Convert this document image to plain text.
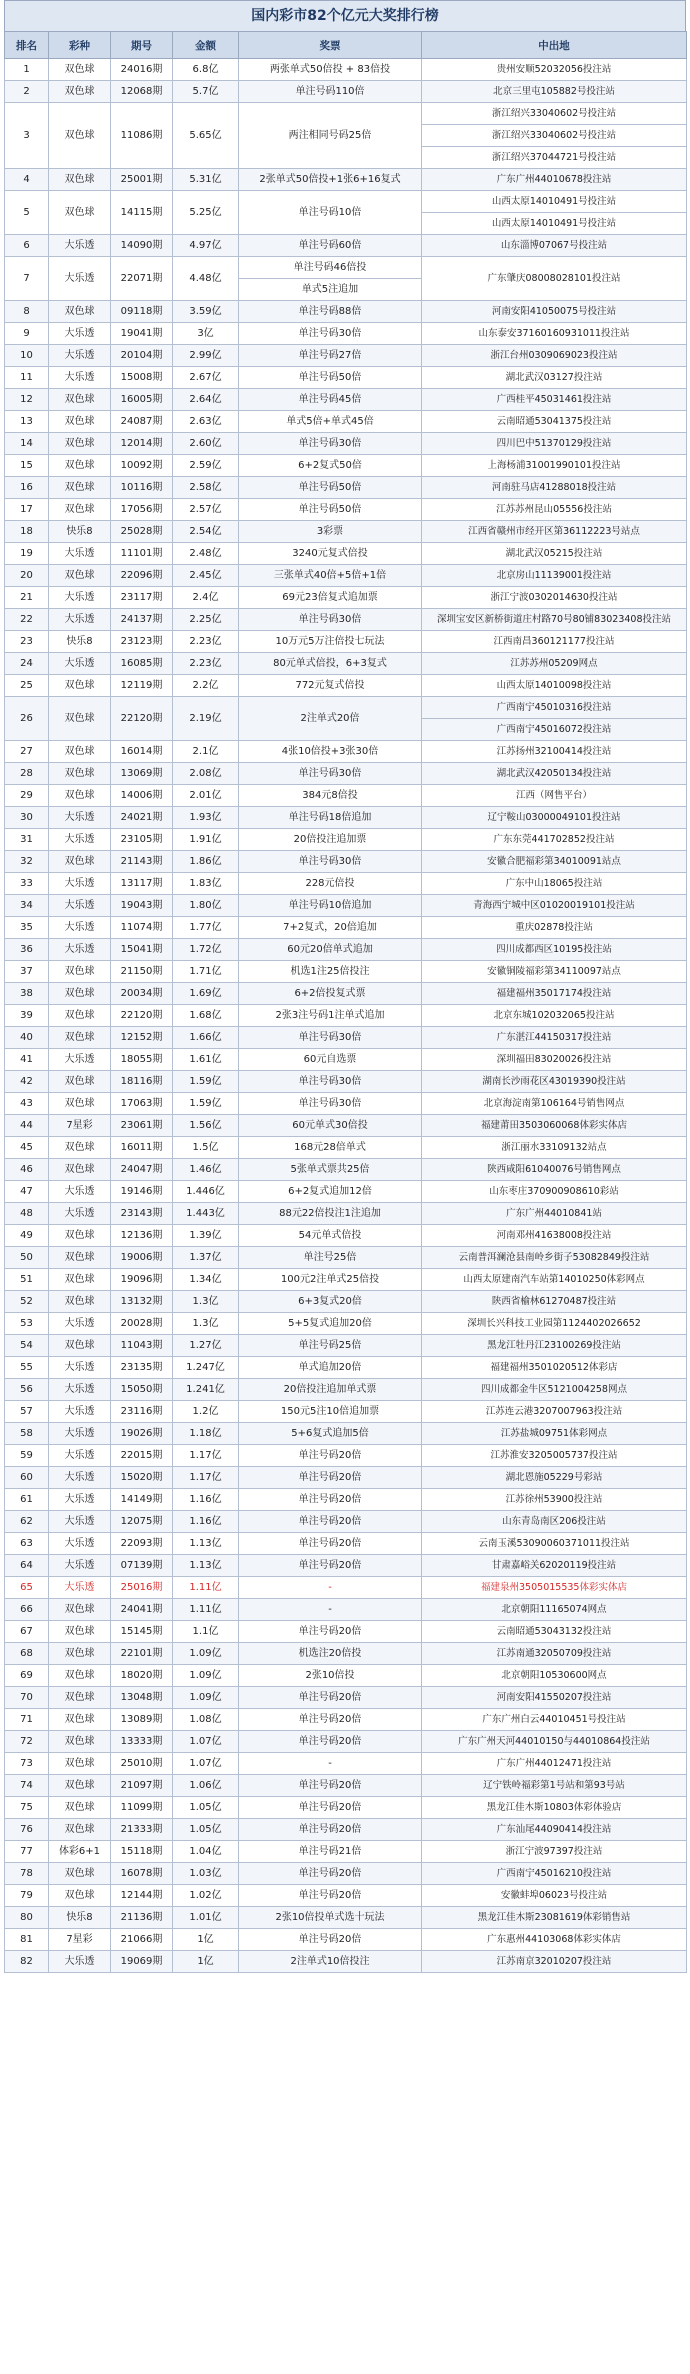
国内彩市82个亿元大奖排行榜
排名	彩种	期号	金额	奖票	中出地
1	双色球	24016期	6.8亿	两张单式50倍投 + 83倍投	贵州安顺52032056投注站
2	双色球	12068期	5.7亿	单注号码110倍	北京三里屯105882号投注站
3	双色球	11086期	5.65亿	两注相同号码25倍	浙江绍兴33040602号投注站
					浙江绍兴33040602号投注站
					浙江绍兴37044721号投注站
4	双色球	25001期	5.31亿	2张单式50倍投+1张6+16复式	广东广州44010678投注站
5	双色球	14115期	5.25亿	单注号码10倍	山西太原14010491号投注站
					山西太原14010491号投注站
6	大乐透	14090期	4.97亿	单注号码60倍	山东淄博07067号投注站
7	大乐透	22071期	4.48亿	单注号码46倍投	广东肇庆08008028101投注站
				单式5注追加	
8	双色球	09118期	3.59亿	单注号码88倍	河南安阳41050075号投注站
9	大乐透	19041期	3亿	单注号码30倍	山东泰安37160160931011投注站
10	大乐透	20104期	2.99亿	单注号码27倍	浙江台州0309069023投注站
11	大乐透	15008期	2.67亿	单注号码50倍	湖北武汉03127投注站
12	双色球	16005期	2.64亿	单注号码45倍	广西桂平45031461投注站
13	双色球	24087期	2.63亿	单式5倍+单式45倍	云南昭通53041375投注站
14	双色球	12014期	2.60亿	单注号码30倍	四川巴中51370129投注站
15	双色球	10092期	2.59亿	6+2复式50倍	上海杨浦31001990101投注站
16	双色球	10116期	2.58亿	单注号码50倍	河南驻马店41288018投注站
17	双色球	17056期	2.57亿	单注号码50倍	江苏苏州昆山05556投注站
18	快乐8	25028期	2.54亿	3彩票	江西省赣州市经开区第36112223号站点
19	大乐透	11101期	2.48亿	3240元复式倍投	湖北武汉05215投注站
20	双色球	22096期	2.45亿	三张单式40倍+5倍+1倍	北京房山11139001投注站
21	大乐透	23117期	2.4亿	69元23倍复式追加票	浙江宁波0302014630投注站
22	大乐透	24137期	2.25亿	单注号码30倍	深圳宝安区新桥街道庄村路70号80铺83023408投注站
23	快乐8	23123期	2.23亿	10万元5万注倍投七玩法	江西南昌360121177投注站
24	大乐透	16085期	2.23亿	80元单式倍投，6+3复式	江苏苏州05209网点
25	双色球	12119期	2.2亿	772元复式倍投	山西太原14010098投注站
26	双色球	22120期	2.19亿	2注单式20倍	广西南宁45010316投注站
					广西南宁45016072投注站
27	双色球	16014期	2.1亿	4张10倍投+3张30倍	江苏扬州32100414投注站
28	双色球	13069期	2.08亿	单注号码30倍	湖北武汉42050134投注站
29	双色球	14006期	2.01亿	384元8倍投	江西（网售平台）
30	大乐透	24021期	1.93亿	单注号码18倍追加	辽宁鞍山03000049101投注站
31	大乐透	23105期	1.91亿	20倍投注追加票	广东东莞441702852投注站
32	双色球	21143期	1.86亿	单注号码30倍	安徽合肥福彩第34010091站点
33	大乐透	13117期	1.83亿	228元倍投	广东中山18065投注站
34	大乐透	19043期	1.80亿	单注号码10倍追加	青海西宁城中区01020019101投注站
35	大乐透	11074期	1.77亿	7+2复式，20倍追加	重庆02878投注站
36	大乐透	15041期	1.72亿	60元20倍单式追加	四川成都西区10195投注站
37	双色球	21150期	1.71亿	机选1注25倍投注	安徽铜陵福彩第34110097站点
38	双色球	20034期	1.69亿	6+2倍投复式票	福建福州35017174投注站
39	双色球	22120期	1.68亿	2张3注号码1注单式追加	北京东城102032065投注站
40	双色球	12152期	1.66亿	单注号码30倍	广东湛江44150317投注站
41	大乐透	18055期	1.61亿	60元自选票	深圳福田83020026投注站
42	双色球	18116期	1.59亿	单注号码30倍	湖南长沙雨花区43019390投注站
43	双色球	17063期	1.59亿	单注号码30倍	北京海淀南第106164号销售网点
44	7星彩	23061期	1.56亿	60元单式30倍投	福建莆田3503060068体彩实体店
45	双色球	16011期	1.5亿	168元28倍单式	浙江丽水33109132站点
46	双色球	24047期	1.46亿	5张单式票共25倍	陕西咸阳61040076号销售网点
47	大乐透	19146期	1.446亿	6+2复式追加12倍	山东枣庄370900908610彩站
48	大乐透	23143期	1.443亿	88元22倍投注1注追加	广东广州44010841站
49	双色球	12136期	1.39亿	54元单式倍投	河南邓州41638008投注站
50	双色球	19006期	1.37亿	单注号25倍	云南普洱澜沧县南岭乡街子53082849投注站
51	双色球	19096期	1.34亿	100元2注单式25倍投	山西太原建南汽车站第14010250体彩网点
52	双色球	13132期	1.3亿	6+3复式20倍	陕西省榆林61270487投注站
53	大乐透	20028期	1.3亿	5+5复式追加20倍	深圳长兴科技工业园第1124402026652
54	双色球	11043期	1.27亿	单注号码25倍	黑龙江牡丹江23100269投注站
55	大乐透	23135期	1.247亿	单式追加20倍	福建福州3501020512体彩店
56	大乐透	15050期	1.241亿	20倍投注追加单式票	四川成都金牛区5121004258网点
57	大乐透	23116期	1.2亿	150元5注10倍追加票	江苏连云港3207007963投注站
58	大乐透	19026期	1.18亿	5+6复式追加5倍	江苏盐城09751体彩网点
59	大乐透	22015期	1.17亿	单注号码20倍	江苏淮安3205005737投注站
60	大乐透	15020期	1.17亿	单注号码20倍	湖北恩施05229号彩站
61	大乐透	14149期	1.16亿	单注号码20倍	江苏徐州53900投注站
62	大乐透	12075期	1.16亿	单注号码20倍	山东青岛南区206投注站
63	大乐透	22093期	1.13亿	单注号码20倍	云南玉溪53090060371011投注站
64	大乐透	07139期	1.13亿	单注号码20倍	甘肃嘉峪关62020119投注站
65	大乐透	25016期	1.11亿	-	福建泉州3505015535体彩实体店
66	双色球	24041期	1.11亿	-	北京朝阳11165074网点
67	双色球	15145期	1.1亿	单注号码20倍	云南昭通53043132投注站
68	双色球	22101期	1.09亿	机选注20倍投	江苏南通32050709投注站
69	双色球	18020期	1.09亿	2张10倍投	北京朝阳10530600网点
70	双色球	13048期	1.09亿	单注号码20倍	河南安阳41550207投注站
71	双色球	13089期	1.08亿	单注号码20倍	广东广州白云44010451号投注站
72	双色球	13333期	1.07亿	单注号码20倍	广东广州天河44010150与44010864投注站
73	双色球	25010期	1.07亿	-	广东广州44012471投注站
74	双色球	21097期	1.06亿	单注号码20倍	辽宁铁岭福彩第1号站和第93号站
75	双色球	11099期	1.05亿	单注号码20倍	黑龙江佳木斯10803体彩体验店
76	双色球	21333期	1.05亿	单注号码20倍	广东汕尾44090414投注站
77	体彩6+1	15118期	1.04亿	单注号码21倍	浙江宁波97397投注站
78	双色球	16078期	1.03亿	单注号码20倍	广西南宁45016210投注站
79	双色球	12144期	1.02亿	单注号码20倍	安徽蚌埠06023号投注站
80	快乐8	21136期	1.01亿	2张10倍投单式选十玩法	黑龙江佳木斯23081619体彩销售站
81	7星彩	21066期	1亿	单注号码20倍	广东惠州44103068体彩实体店
82	大乐透	19069期	1亿	2注单式10倍投注	江苏南京32010207投注站
